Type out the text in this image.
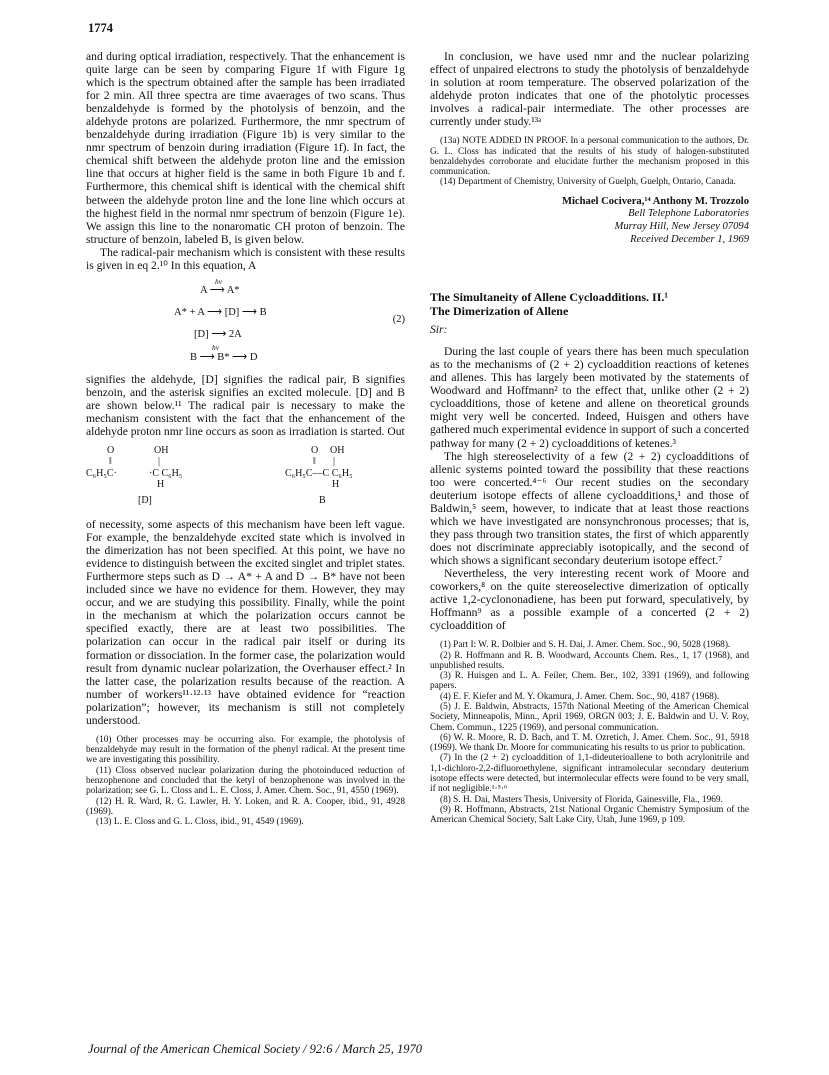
1774

and during optical irradiation, respectively. That the enhancement is quite large can be seen by comparing Figure 1f with Figure 1g which is the spectrum obtained after the sample has been irradiated for 2 min. All three spectra are time avaerages of two scans. Thus benzaldehyde is formed by the photolysis of benzoin, and the aldehyde protons are polarized. Furthermore, the nmr spectrum of benzaldehyde during irradiation (Figure 1b) is very similar to the nmr spectrum of benzoin during irradiation (Figure 1f). In fact, the chemical shift between the aldehyde proton line and the emission line that occurs at higher field is the same in both Figure 1b and f. Furthermore, this chemical shift is identical with the chemical shift between the aldehyde proton line and the lone line which occurs at the highest field in the normal nmr spectrum of benzoin (Figure 1e). We assign this line to the nonaromatic CH proton of benzoin. The structure of benzoin, labeled B, is given below.

The radical-pair mechanism which is consistent with these results is given in eq 2.¹⁰ In this equation, A

hν
A ⟶ A*
A* + A ⟶ [D] ⟶ B
[D] ⟶ 2A
hν
B ⟶ B* ⟶ D
(2)

signifies the aldehyde, [D] signifies the radical pair, B signifies benzoin, and the asterisk signifies an excited molecule. [D] and B are shown below.¹¹ The radical pair is necessary to make the mechanism consistent with the fact that the enhancement of the aldehyde proton nmr line occurs as soon as irradiation is started. Out

O	OH	O OH
‖	|	‖ |
C₆H₅C·	·C C₆H₅
H
C₆H₅C—C C₆H₅
H
[D]	B

of necessity, some aspects of this mechanism have been left vague. For example, the benzaldehyde excited state which is involved in the dimerization has not been specified. At this point, we have no evidence to distinguish between the excited singlet and triplet states. Furthermore steps such as D → A* + A and D → B* have not been included since we have no evidence for them. However, they may occur, and we are studying this possibility. Finally, while the point in the mechanism at which the polarization occurs cannot be specified exactly, there are at least two possibilities. The polarization can occur in the radical pair itself or during its formation or dissociation. In the former case, the polarization would result from dynamic nuclear polarization, the Overhauser effect.² In the latter case, the polarization results because of the reaction. A number of workers¹¹·¹²·¹³ have obtained evidence for “reaction polarization”; however, its mechanism is still not completely understood.

(10) Other processes may be occurring also. For example, the photolysis of benzaldehyde may result in the formation of the phenyl radical. At the present time we are investigating this possibility.

(11) Closs observed nuclear polarization during the photoinduced reduction of benzophenone and concluded that the ketyl of benzophenone was involved in the polarization; see G. L. Closs and L. E. Closs, J. Amer. Chem. Soc., 91, 4550 (1969).

(12) H. R. Ward, R. G. Lawler, H. Y. Loken, and R. A. Cooper, ibid., 91, 4928 (1969).

(13) L. E. Closs and G. L. Closs, ibid., 91, 4549 (1969).

In conclusion, we have used nmr and the nuclear polarizing effect of unpaired electrons to study the photolysis of benzaldehyde in solution at room temperature. The observed polarization of the aldehyde proton indicates that one of the photolytic processes involves a radical-pair intermediate. The other processes are currently under study.¹³ᵃ

(13a) NOTE ADDED IN PROOF. In a personal communication to the authors, Dr. G. L. Closs has indicated that the results of his study of halogen-substituted benzaldehydes corroborate and elucidate further the mechanism proposed in this communication.

(14) Department of Chemistry, University of Guelph, Guelph, Ontario, Canada.

Michael Cocivera,¹⁴ Anthony M. Trozzolo
Bell Telephone Laboratories
Murray Hill, New Jersey 07094
Received December 1, 1969
The Simultaneity of Allene Cycloadditions. II.¹
The Dimerization of Allene
Sir:

During the last couple of years there has been much speculation as to the mechanisms of (2 + 2) cycloaddition reactions of ketenes and allenes. This has largely been motivated by the statements of Woodward and Hoffmann² to the effect that, unlike other (2 + 2) cycloadditions, those of ketene and allene on theoretical grounds might very well be concerted. Indeed, Huisgen and others have gathered much experimental evidence in support of such a concerted pathway for many (2 + 2) cycloadditions of ketenes.³

The high stereoselectivity of a few (2 + 2) cycloadditions of allenic systems pointed toward the possibility that these reactions too were concerted.⁴⁻⁶ Our recent studies on the secondary deuterium isotope effects of allene cycloadditions,¹ and those of Baldwin,⁵ seem, however, to indicate that at least those reactions which we have investigated are nonsynchronous processes; that is, they pass through two transition states, the first of which apparently does not discriminate appreciably isotopically, and the second of which shows a significant secondary deuterium isotope effect.⁷

Nevertheless, the very interesting recent work of Moore and coworkers,⁸ on the quite stereoselective dimerization of optically active 1,2-cyclononadiene, has been put forward, speculatively, by Hoffmann⁹ as a possible example of a concerted (2 + 2) cycloaddition of

(1) Part I: W. R. Dolbier and S. H. Dai, J. Amer. Chem. Soc., 90, 5028 (1968).

(2) R. Hoffmann and R. B. Woodward, Accounts Chem. Res., 1, 17 (1968), and unpublished results.

(3) R. Huisgen and L. A. Feiler, Chem. Ber., 102, 3391 (1969), and following papers.

(4) E. F. Kiefer and M. Y. Okamura, J. Amer. Chem. Soc., 90, 4187 (1968).

(5) J. E. Baldwin, Abstracts, 157th National Meeting of the American Chemical Society, Minneapolis, Minn., April 1969, ORGN 003; J. E. Baldwin and U. V. Roy, Chem. Commun., 1225 (1969), and personal communication.

(6) W. R. Moore, R. D. Bach, and T. M. Ozretich, J. Amer. Chem. Soc., 91, 5918 (1969). We thank Dr. Moore for communicating his results to us prior to publication.

(7) In the (2 + 2) cycloaddition of 1,1-dideuterioallene to both acrylonitrile and 1,1-dichloro-2,2-difluoroethylene, significant intramolecular secondary deuterium isotope effects were detected, but intermolecular effects were found to be very small, if not negligible.¹·⁵·⁶

(8) S. H. Dai, Masters Thesis, University of Florida, Gainesville, Fla., 1969.

(9) R. Hoffmann, Abstracts, 21st National Organic Chemistry Symposium of the American Chemical Society, Salt Lake City, Utah, June 1969, p 109.

Journal of the American Chemical Society / 92:6 / March 25, 1970
